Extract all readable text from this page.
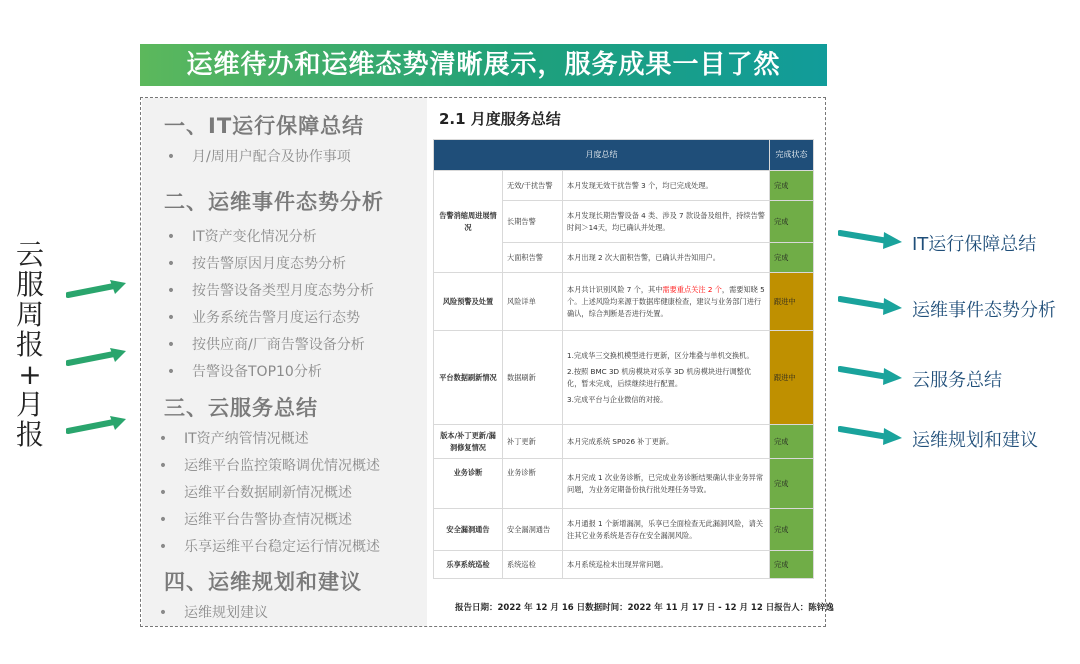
运维待办和运维态势清晰展示，服务成果一目了然
云
服
周
报
+
月
报
一、IT运行保障总结
• 月/周用户配合及协作事项
二、运维事件态势分析
• IT资产变化情况分析
• 按告警原因月度态势分析
• 按告警设备类型月度态势分析
• 业务系统告警月度运行态势
• 按供应商/厂商告警设备分析
• 告警设备TOP10分析
三、云服务总结
• IT资产纳管情况概述
• 运维平台监控策略调优情况概述
• 运维平台数据刷新情况概述
• 运维平台告警协查情况概述
• 乐享运维平台稳定运行情况概述
四、运维规划和建议
• 运维规划建议
2.1 月度服务总结
月度总结			完成状态
告警消缩周进展情况	无效/干扰告警	本月发现无效干扰告警 3 个，均已完成处理。	完成
	长期告警	本月发现长期告警设备 4 类、涉及 7 款设备及组件，持续告警时间＞14天，均已确认并处理。	完成
	大面积告警	本月出现 2 次大面积告警，已确认并告知用户。	完成
风险预警及处置	风险详单	本月共计识别风险 7 个，其中需要重点关注 2 个，需要知晓 5 个。上述风险均来源于数据库健康检查，建议与业务部门进行确认，综合判断是否进行处置。	跟进中
平台数据刷新情况	数据刷新	1.完成华三交换机模型进行更新，区分堆叠与单机交换机。
2.按照 BMC 3D 机房模块对乐享 3D 机房模块进行调整优化，暂未完成，后续继续进行配置。
3.完成平台与企业微信的对接。	跟进中
版本/补丁更新/漏洞修复情况	补丁更新	本月完成系统 SP026 补丁更新。	完成
业务诊断	业务诊断	本月完成 1 次业务诊断，已完成业务诊断结果确认非业务异常问题，为业务定期备份执行批处理任务导致。	完成
安全漏洞通告	安全漏洞通告	本月通报 1 个新增漏洞，乐享已全面检查无此漏洞风险，请关注其它业务系统是否存在安全漏洞风险。	完成
乐享系统巡检	系统巡检	本月系统巡检未出现异常问题。	完成
报告日期：2022 年 12 月 16 日数据时间：2022 年 11 月 17 日 - 12 月 12 日报告人：陈锌逸
IT运行保障总结
运维事件态势分析
云服务总结
运维规划和建议
